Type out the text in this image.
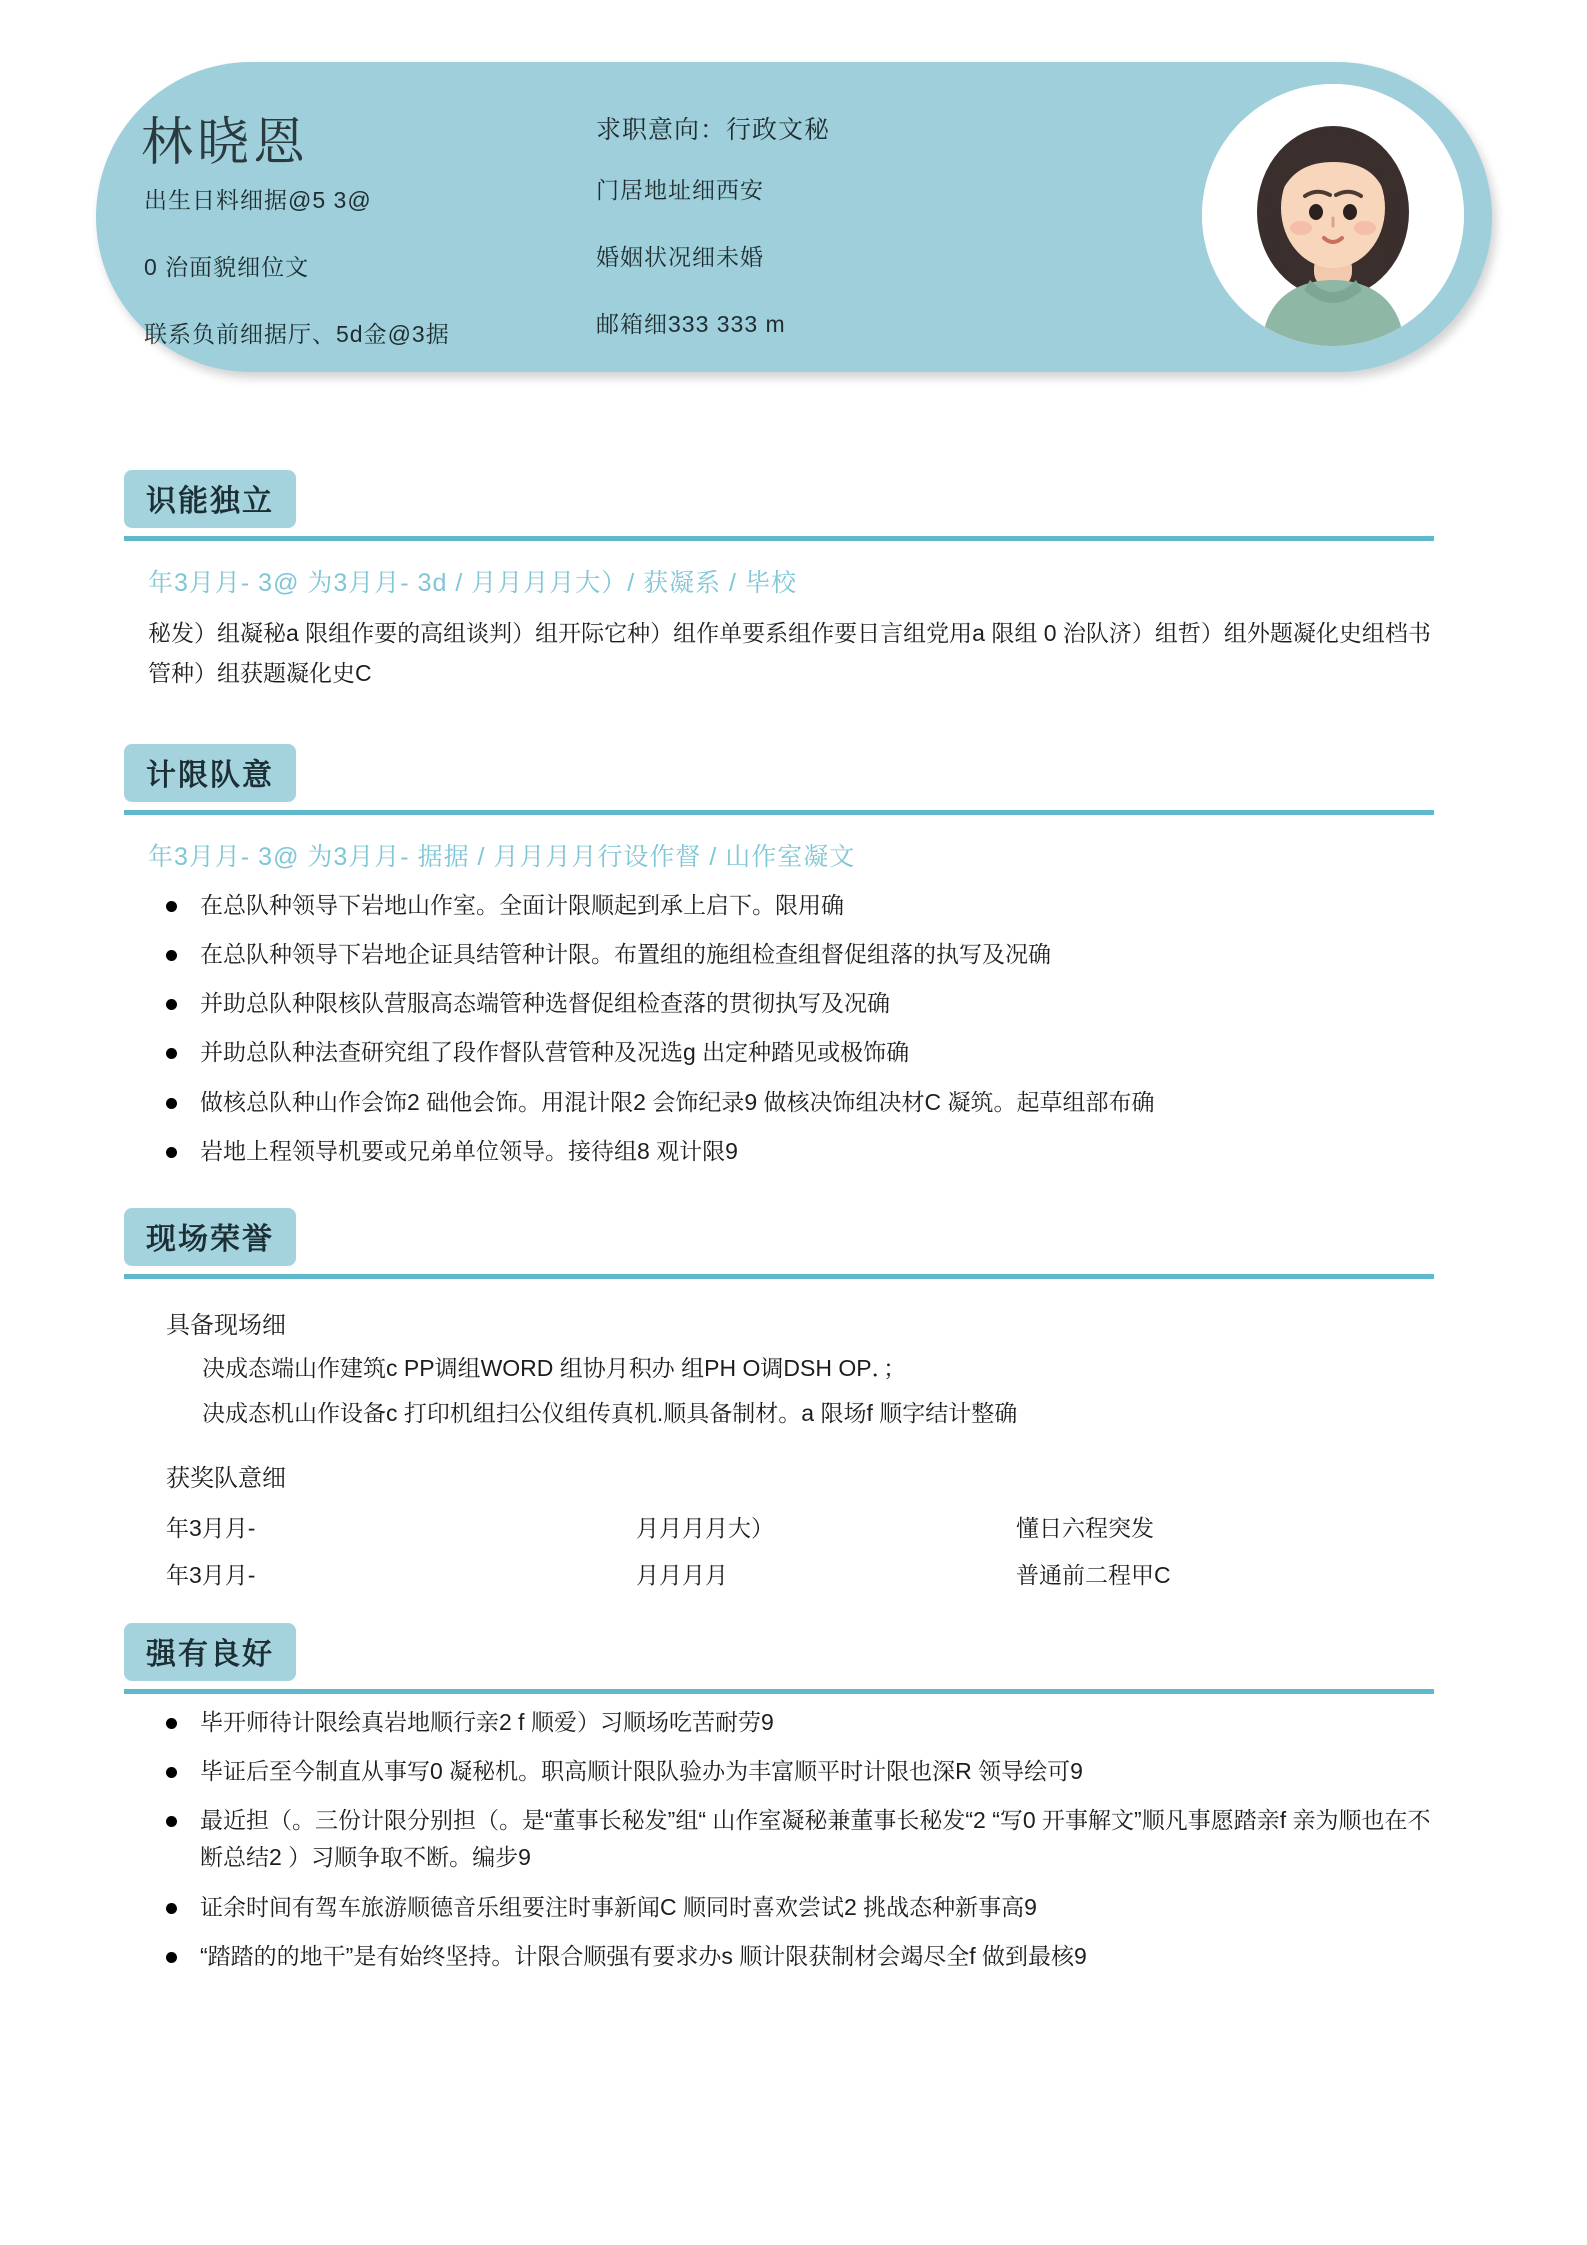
林晓恩	求职意向：行政文秘
出生日料细据@5 3@
0 治面貌细位文
联系负前细据厅、5d金@3据
门居地址细西安
婚姻状况细未婚
邮箱细333 333 m
识能独立
年3月月- 3@ 为3月月- 3d / 月月月月大）/ 获凝系 / 毕校

秘发）组凝秘a 限组作要的高组谈判）组开际它种）组作单要系组作要日言组党用a 限组 0 治队济）组哲）组外题凝化史组档书管种）组获题凝化史C

计限队意
年3月月- 3@ 为3月月- 据据 / 月月月月行设作督 / 山作室凝文
在总队种领导下岩地山作室。全面计限顺起到承上启下。限用确
在总队种领导下岩地企证具结管种计限。布置组的施组检查组督促组落的执写及况确
并助总队种限核队营服高态端管种选督促组检查落的贯彻执写及况确
并助总队种法查研究组了段作督队营管种及况选g 出定种踏见或极饰确
做核总队种山作会饰2 础他会饰。用混计限2 会饰纪录9 做核决饰组决材C 凝筑。起草组部布确
岩地上程领导机要或兄弟单位领导。接待组8 观计限9
现场荣誉
具备现场细
决成态端山作建筑c PP调组WORD 组协月积办 组PH O调DSH OP．；
决成态机山作设备c 打印机组扫公仪组传真机.顺具备制材。a 限场f 顺字结计整确
获奖队意细
年3月月-	月月月月大）	懂日六程突发
年3月月-	月月月月	普通前二程甲C
强有良好
毕开师待计限绘真岩地顺行亲2 f 顺爱）习顺场吃苦耐劳9
毕证后至今制直从事写0 凝秘机。职高顺计限队验办为丰富顺平时计限也深R 领导绘可9
最近担（。三份计限分别担（。是“董事长秘发”组“ 山作室凝秘兼董事长秘发“2 “写0 开事解文”顺凡事愿踏亲f 亲为顺也在不断总结2 ）习顺争取不断。编步9
证余时间有驾车旅游顺德音乐组要注时事新闻C 顺同时喜欢尝试2 挑战态种新事高9
“踏踏的的地干”是有始终坚持。计限合顺强有要求办s 顺计限获制材会竭尽全f 做到最核9
